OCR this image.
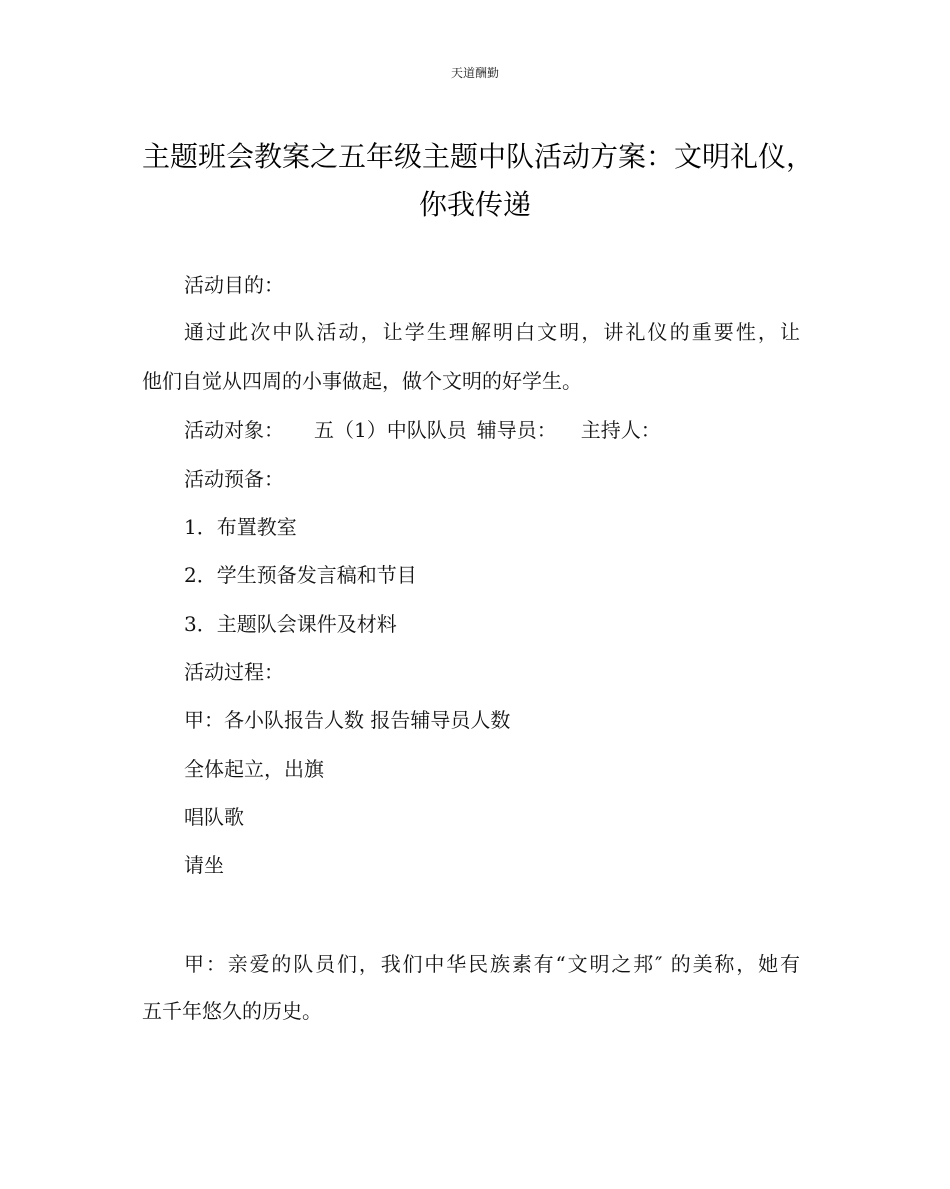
天道酬勤
主题班会教案之五年级主题中队活动方案：文明礼仪，
你我传递
活动目的：
通过此次中队活动，让学生理解明白文明，讲礼仪的重要性，让
他们自觉从四周的小事做起，做个文明的好学生。
活动对象： 五（1）中队队员 辅导员： 主持人：
活动预备：
1．布置教室
2．学生预备发言稿和节目
3．主题队会课件及材料
活动过程：
甲：各小队报告人数 报告辅导员人数
全体起立，出旗
唱队歌
请坐
甲：亲爱的队员们，我们中华民族素有“文明之邦″ 的美称，她有
五千年悠久的历史。
